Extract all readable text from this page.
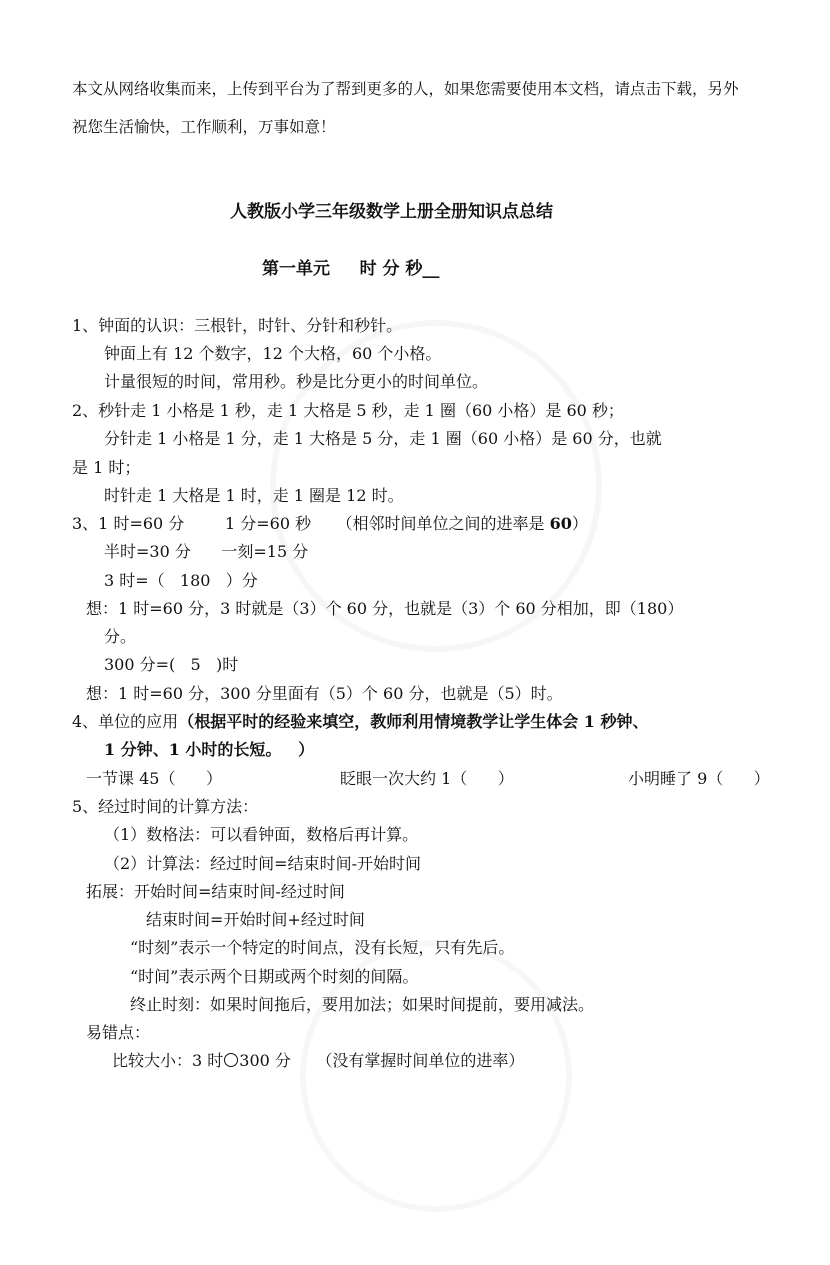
本文从网络收集而来，上传到平台为了帮到更多的人，如果您需要使用本文档，请点击下载，另外
祝您生活愉快，工作顺利，万事如意！
人教版小学三年级数学上册全册知识点总结
第一单元     时 分 秒__
1、钟面的认识：三根针，时针、分针和秒针。
钟面上有 12 个数字，12 个大格，60 个小格。
计量很短的时间，常用秒。秒是比分更小的时间单位。
2、秒针走 1 小格是 1 秒，走 1 大格是 5 秒，走 1 圈（60 小格）是 60 秒；
分针走 1 小格是 1 分，走 1 大格是 5 分，走 1 圈（60 小格）是 60 分，也就
是 1 时；
时针走 1 大格是 1 时，走 1 圈是 12 时。
3、1 时=60 分        1 分=60 秒     （相邻时间单位之间的进率是 60）
半时=30 分      一刻=15 分
3 时=（   180   ）分
想：1 时=60 分，3 时就是（3）个 60 分，也就是（3）个 60 分相加，即（180）
分。
300 分=(   5   )时
想：1 时=60 分，300 分里面有（5）个 60 分，也就是（5）时。
4、单位的应用（根据平时的经验来填空，教师利用情境教学让学生体会 1 秒钟、
1 分钟、1 小时的长短。   ）
一节课 45（      ）	眨眼一次大约 1（      ）	小明睡了 9（      ）
5、经过时间的计算方法：
（1）数格法：可以看钟面，数格后再计算。
（2）计算法：经过时间=结束时间-开始时间
拓展：开始时间=结束时间-经过时间
结束时间=开始时间+经过时间
“时刻”表示一个特定的时间点，没有长短，只有先后。
“时间”表示两个日期或两个时刻的间隔。
终止时刻：如果时间拖后，要用加法；如果时间提前，要用减法。
易错点：
比较大小：3 时 300 分     （没有掌握时间单位的进率）
